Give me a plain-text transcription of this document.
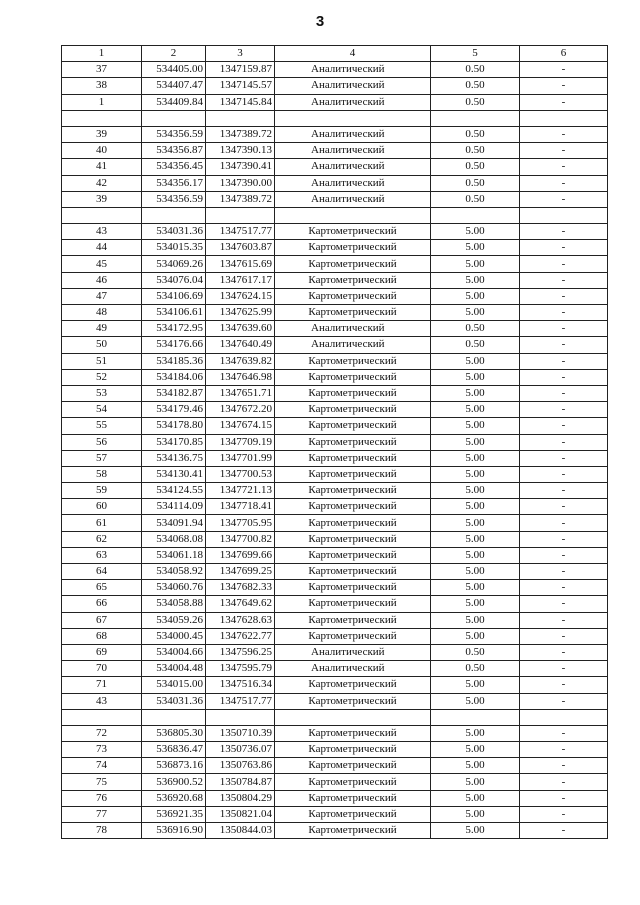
3
1	2	3	4	5	6
37	534405.00	1347159.87	Аналитический	0.50	-
38	534407.47	1347145.57	Аналитический	0.50	-
1	534409.84	1347145.84	Аналитический	0.50	-

39	534356.59	1347389.72	Аналитический	0.50	-
40	534356.87	1347390.13	Аналитический	0.50	-
41	534356.45	1347390.41	Аналитический	0.50	-
42	534356.17	1347390.00	Аналитический	0.50	-
39	534356.59	1347389.72	Аналитический	0.50	-

43	534031.36	1347517.77	Картометрический	5.00	-
44	534015.35	1347603.87	Картометрический	5.00	-
45	534069.26	1347615.69	Картометрический	5.00	-
46	534076.04	1347617.17	Картометрический	5.00	-
47	534106.69	1347624.15	Картометрический	5.00	-
48	534106.61	1347625.99	Картометрический	5.00	-
49	534172.95	1347639.60	Аналитический	0.50	-
50	534176.66	1347640.49	Аналитический	0.50	-
51	534185.36	1347639.82	Картометрический	5.00	-
52	534184.06	1347646.98	Картометрический	5.00	-
53	534182.87	1347651.71	Картометрический	5.00	-
54	534179.46	1347672.20	Картометрический	5.00	-
55	534178.80	1347674.15	Картометрический	5.00	-
56	534170.85	1347709.19	Картометрический	5.00	-
57	534136.75	1347701.99	Картометрический	5.00	-
58	534130.41	1347700.53	Картометрический	5.00	-
59	534124.55	1347721.13	Картометрический	5.00	-
60	534114.09	1347718.41	Картометрический	5.00	-
61	534091.94	1347705.95	Картометрический	5.00	-
62	534068.08	1347700.82	Картометрический	5.00	-
63	534061.18	1347699.66	Картометрический	5.00	-
64	534058.92	1347699.25	Картометрический	5.00	-
65	534060.76	1347682.33	Картометрический	5.00	-
66	534058.88	1347649.62	Картометрический	5.00	-
67	534059.26	1347628.63	Картометрический	5.00	-
68	534000.45	1347622.77	Картометрический	5.00	-
69	534004.66	1347596.25	Аналитический	0.50	-
70	534004.48	1347595.79	Аналитический	0.50	-
71	534015.00	1347516.34	Картометрический	5.00	-
43	534031.36	1347517.77	Картометрический	5.00	-

72	536805.30	1350710.39	Картометрический	5.00	-
73	536836.47	1350736.07	Картометрический	5.00	-
74	536873.16	1350763.86	Картометрический	5.00	-
75	536900.52	1350784.87	Картометрический	5.00	-
76	536920.68	1350804.29	Картометрический	5.00	-
77	536921.35	1350821.04	Картометрический	5.00	-
78	536916.90	1350844.03	Картометрический	5.00	-
